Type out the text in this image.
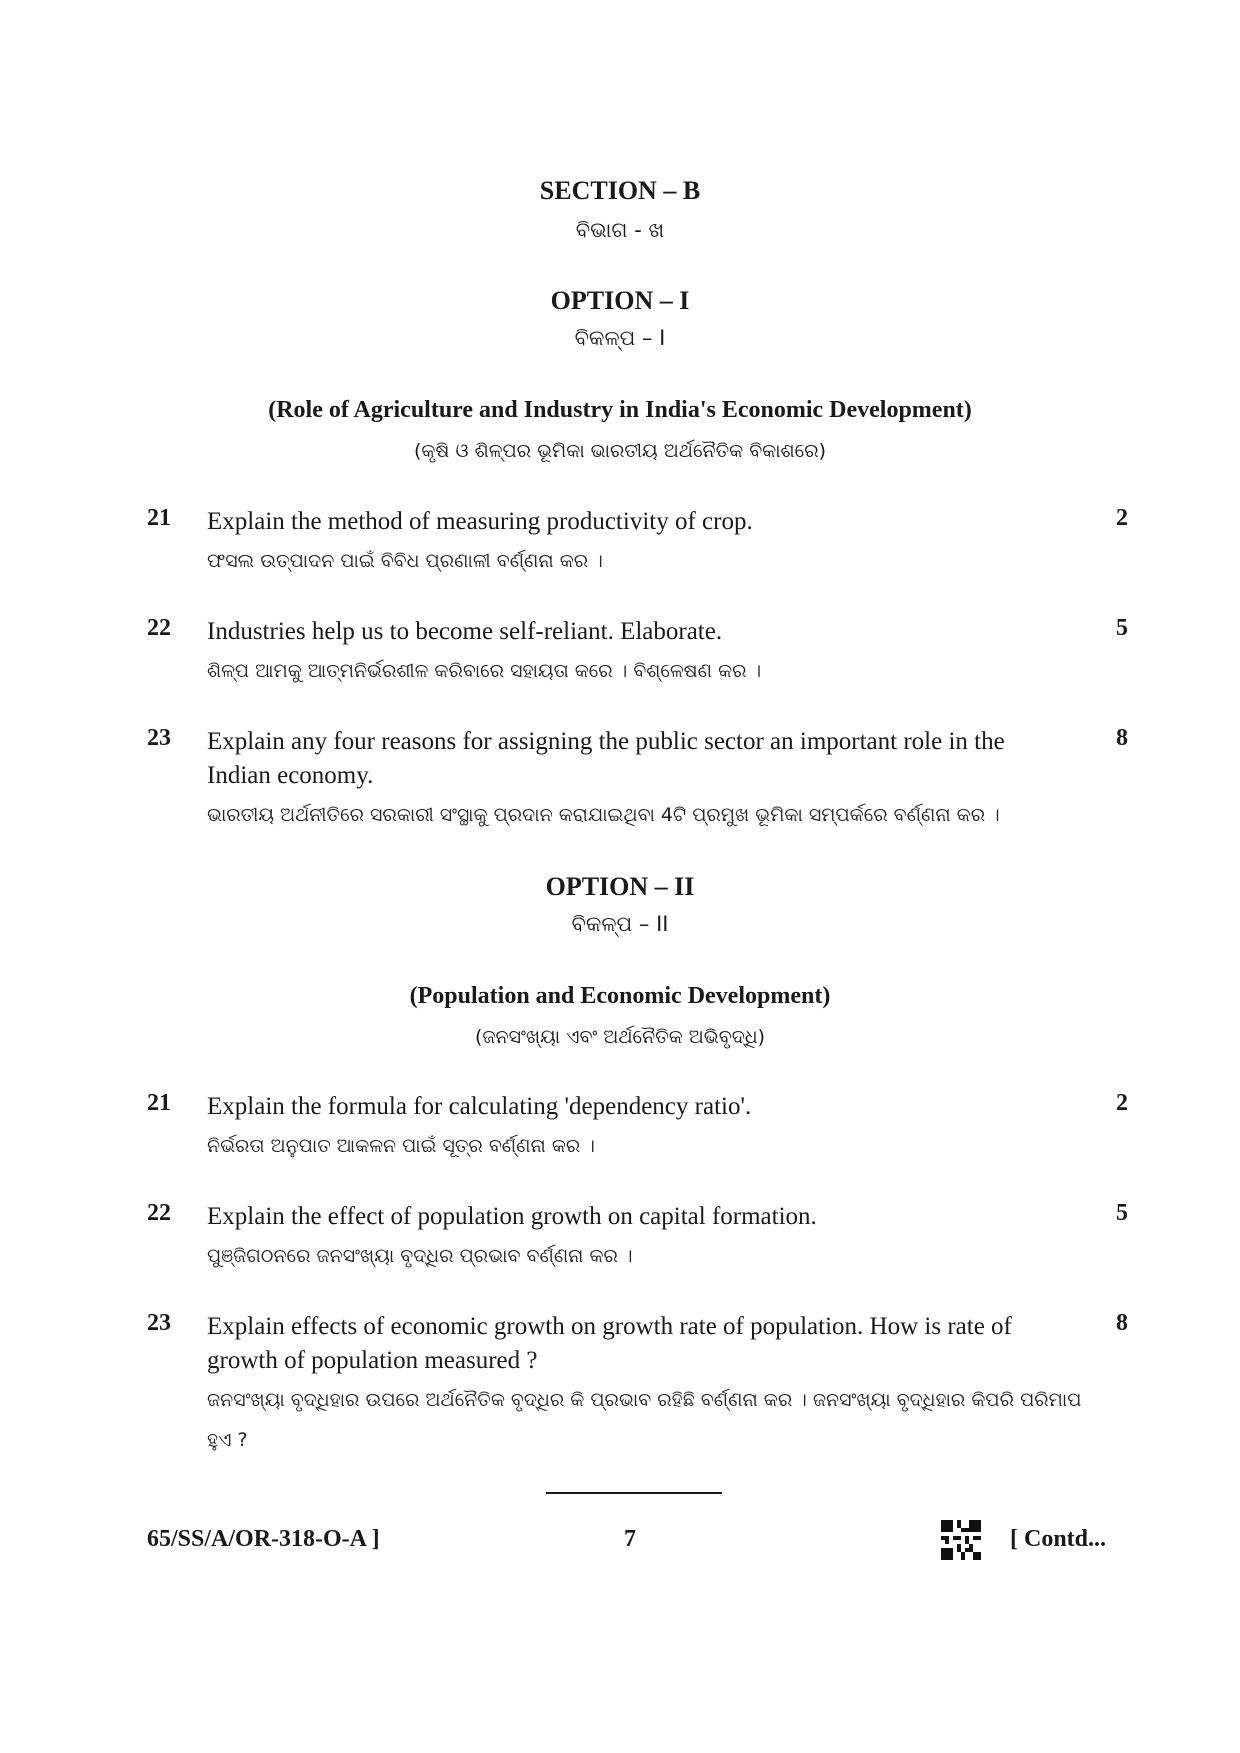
SECTION – B
ବିଭାଗ - ଖ
OPTION – I
ବିକଳ୍ପ – I
(Role of Agriculture and Industry in India's Economic Development)
(କୃଷି ଓ ଶିଳ୍ପର ଭୂମିକା ଭାରତୀୟ ଅର୍ଥନୈତିକ ବିକାଶରେ)
21 Explain the method of measuring productivity of crop.
ଫସଲ ଉତ୍ପାଦନ ପାଇଁ ବିବିଧ ପ୍ରଣାଳୀ ବର୍ଣ୍ଣନା କର ।
2
22 Industries help us to become self-reliant. Elaborate.
ଶିଳ୍ପ ଆମକୁ ଆତ୍ମନିର୍ଭରଶୀଳ କରିବାରେ ସହାୟତା କରେ । ବିଶ୍ଳେଷଣ କର ।
5
23 Explain any four reasons for assigning the public sector an important role in the Indian economy.
ଭାରତୀୟ ଅର୍ଥନୀତିରେ ସରକାରୀ ସଂସ୍ଥାକୁ ପ୍ରଦାନ କରାଯାଇଥିବା 4ଟି ପ୍ରମୁଖ ଭୂମିକା ସମ୍ପର୍କରେ ବର୍ଣ୍ଣନା କର ।
8
OPTION – II
ବିକଳ୍ପ – II
(Population and Economic Development)
(ଜନସଂଖ୍ୟା ଏବଂ ଅର୍ଥନୈତିକ ଅଭିବୃଦ୍ଧି)
21 Explain the formula for calculating 'dependency ratio'.
ନିର୍ଭରତା ଅନୁପାତ ଆକଳନ ପାଇଁ ସୂତ୍ର ବର୍ଣ୍ଣନା କର ।
2
22 Explain the effect of population growth on capital formation.
ପୁଞ୍ଜିଗଠନରେ ଜନସଂଖ୍ୟା ବୃଦ୍ଧିର ପ୍ରଭାବ ବର୍ଣ୍ଣନା କର ।
5
23 Explain effects of economic growth on growth rate of population. How is rate of growth of population measured ?
ଜନସଂଖ୍ୟା ବୃଦ୍ଧିହାର ଉପରେ ଅର୍ଥନୈତିକ ବୃଦ୍ଧିର କି ପ୍ରଭାବ ରହିଛି ବର୍ଣ୍ଣନା କର । ଜନସଂଖ୍ୟା ବୃଦ୍ଧିହାର କିପରି ପରିମାପ ହୁଏ ?
8
65/SS/A/OR-318-O-A ]	7	[ Contd...
